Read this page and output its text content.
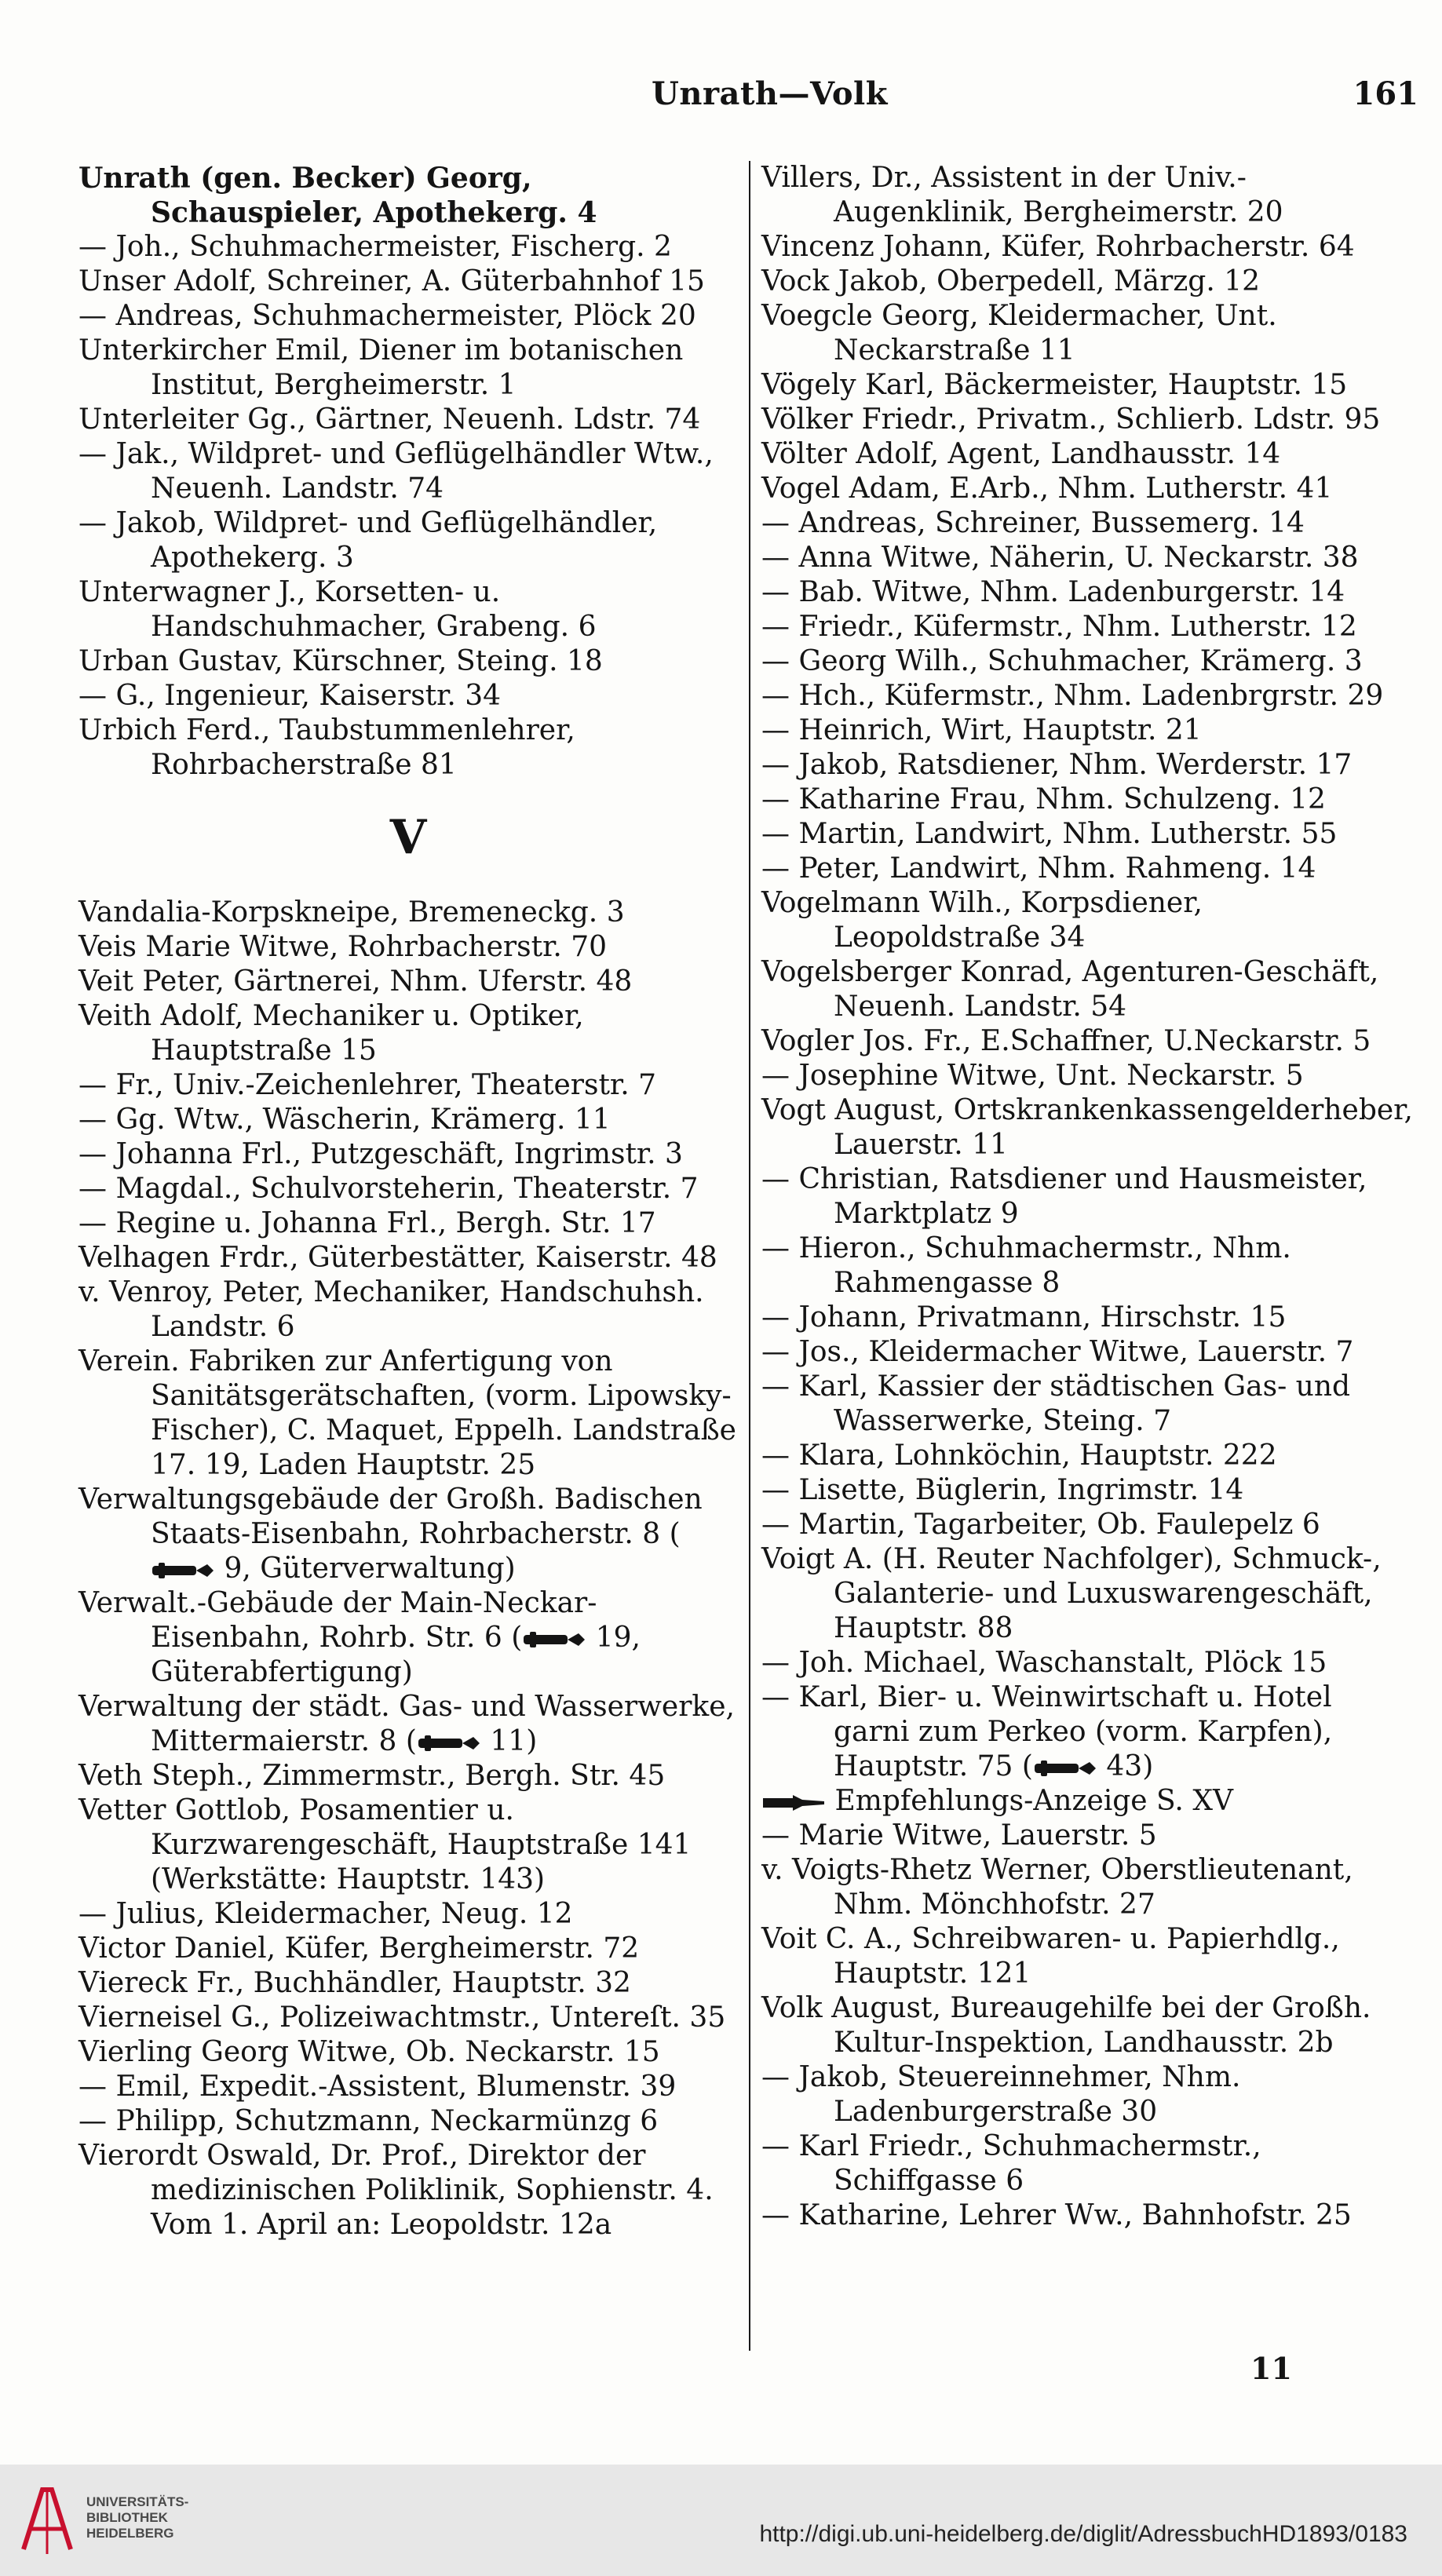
Unrath—Volk	161
Unrath (gen. Becker) Georg, Schauspieler, Apothekerg. 4
— Joh., Schuhmachermeister, Fischerg. 2
Unser Adolf, Schreiner, A. Güterbahnhof 15
— Andreas, Schuhmachermeister, Plöck 20
Unterkircher Emil, Diener im botanischen Institut, Bergheimerstr. 1
Unterleiter Gg., Gärtner, Neuenh. Ldstr. 74
— Jak., Wildpret- und Geflügelhändler Wtw., Neuenh. Landstr. 74
— Jakob, Wildpret- und Geflügelhändler, Apothekerg. 3
Unterwagner J., Korsetten- u. Handschuhmacher, Grabeng. 6
Urban Gustav, Kürschner, Steing. 18
— G., Ingenieur, Kaiserstr. 34
Urbich Ferd., Taubstummenlehrer, Rohrbacherstraße 81
V
Vandalia-Korpskneipe, Bremeneckg. 3
Veis Marie Witwe, Rohrbacherstr. 70
Veit Peter, Gärtnerei, Nhm. Uferstr. 48
Veith Adolf, Mechaniker u. Optiker, Hauptstraße 15
— Fr., Univ.-Zeichenlehrer, Theaterstr. 7
— Gg. Wtw., Wäscherin, Krämerg. 11
— Johanna Frl., Putzgeschäft, Ingrimstr. 3
— Magdal., Schulvorsteherin, Theaterstr. 7
— Regine u. Johanna Frl., Bergh. Str. 17
Velhagen Frdr., Güterbestätter, Kaiserstr. 48
v. Venroy, Peter, Mechaniker, Handschuhsh. Landstr. 6
Verein. Fabriken zur Anfertigung von Sanitätsgerätschaften, (vorm. Lipowsky-Fischer), C. Maquet, Eppelh. Landstraße 17. 19, Laden Hauptstr. 25
Verwaltungsgebäude der Großh. Badischen Staats-Eisenbahn, Rohrbacherstr. 8 ( 9, Güterverwaltung)
Verwalt.-Gebäude der Main-Neckar-Eisenbahn, Rohrb. Str. 6 ( 19, Güterabfertigung)
Verwaltung der städt. Gas- und Wasserwerke, Mittermaierstr. 8 ( 11)
Veth Steph., Zimmermstr., Bergh. Str. 45
Vetter Gottlob, Posamentier u. Kurzwarengeschäft, Hauptstraße 141 (Werkstätte: Hauptstr. 143)
— Julius, Kleidermacher, Neug. 12
Victor Daniel, Küfer, Bergheimerstr. 72
Viereck Fr., Buchhändler, Hauptstr. 32
Vierneisel G., Polizeiwachtmstr., Untereſt. 35
Vierling Georg Witwe, Ob. Neckarstr. 15
— Emil, Expedit.-Assistent, Blumenstr. 39
— Philipp, Schutzmann, Neckarmünzg 6
Vierordt Oswald, Dr. Prof., Direktor der medizinischen Poliklinik, Sophienstr. 4. Vom 1. April an: Leopoldstr. 12a
Villers, Dr., Assistent in der Univ.-Augenklinik, Bergheimerstr. 20
Vincenz Johann, Küfer, Rohrbacherstr. 64
Vock Jakob, Oberpedell, Märzg. 12
Voegcle Georg, Kleidermacher, Unt. Neckarstraße 11
Vögely Karl, Bäckermeister, Hauptstr. 15
Völker Friedr., Privatm., Schlierb. Ldstr. 95
Völter Adolf, Agent, Landhausstr. 14
Vogel Adam, E.Arb., Nhm. Lutherstr. 41
— Andreas, Schreiner, Bussemerg. 14
— Anna Witwe, Näherin, U. Neckarstr. 38
— Bab. Witwe, Nhm. Ladenburgerstr. 14
— Friedr., Küfermstr., Nhm. Lutherstr. 12
— Georg Wilh., Schuhmacher, Krämerg. 3
— Hch., Küfermstr., Nhm. Ladenbrgrstr. 29
— Heinrich, Wirt, Hauptstr. 21
— Jakob, Ratsdiener, Nhm. Werderstr. 17
— Katharine Frau, Nhm. Schulzeng. 12
— Martin, Landwirt, Nhm. Lutherstr. 55
— Peter, Landwirt, Nhm. Rahmeng. 14
Vogelmann Wilh., Korpsdiener, Leopoldstraße 34
Vogelsberger Konrad, Agenturen-Geschäft, Neuenh. Landstr. 54
Vogler Jos. Fr., E.Schaffner, U.Neckarstr. 5
— Josephine Witwe, Unt. Neckarstr. 5
Vogt August, Ortskrankenkassengelderheber, Lauerstr. 11
— Christian, Ratsdiener und Hausmeister, Marktplatz 9
— Hieron., Schuhmachermstr., Nhm. Rahmengasse 8
— Johann, Privatmann, Hirschstr. 15
— Jos., Kleidermacher Witwe, Lauerstr. 7
— Karl, Kassier der städtischen Gas- und Wasserwerke, Steing. 7
— Klara, Lohnköchin, Hauptstr. 222
— Lisette, Büglerin, Ingrimstr. 14
— Martin, Tagarbeiter, Ob. Faulepelz 6
Voigt A. (H. Reuter Nachfolger), Schmuck-, Galanterie- und Luxuswarengeschäft, Hauptstr. 88
— Joh. Michael, Waschanstalt, Plöck 15
— Karl, Bier- u. Weinwirtschaft u. Hotel garni zum Perkeo (vorm. Karpfen), Hauptstr. 75 ( 43)
Empfehlungs-Anzeige S. XV
— Marie Witwe, Lauerstr. 5
v. Voigts-Rhetz Werner, Oberstlieutenant, Nhm. Mönchhofstr. 27
Voit C. A., Schreibwaren- u. Papierhdlg., Hauptstr. 121
Volk August, Bureaugehilfe bei der Großh. Kultur-Inspektion, Landhausstr. 2b
— Jakob, Steuereinnehmer, Nhm. Ladenburgerstraße 30
— Karl Friedr., Schuhmachermstr., Schiffgasse 6
— Katharine, Lehrer Ww., Bahnhofstr. 25
11
UNIVERSITÄTS-
BIBLIOTHEK
HEIDELBERG	http://digi.ub.uni-heidelberg.de/diglit/AdressbuchHD1893/0183
